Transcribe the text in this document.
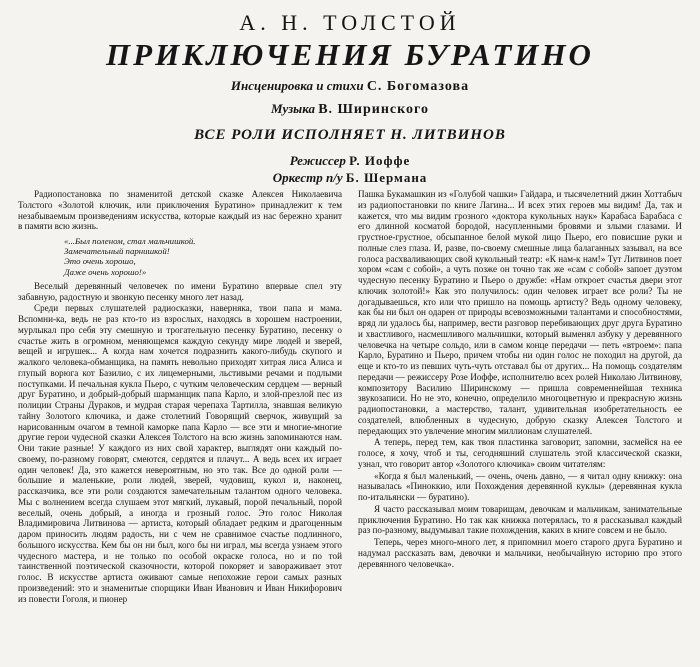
А. Н. ТОЛСТОЙ
ПРИКЛЮЧЕНИЯ БУРАТИНО
Инсценировка и стихи С. Богомазова
Музыка В. Ширинского
ВСЕ РОЛИ ИСПОЛНЯЕТ Н. ЛИТВИНОВ
Режиссер Р. Иоффе
Оркестр п/у Б. Шермана

Радиопостановка по знаменитой детской сказке Алексея Николаевича Толстого «Золотой ключик, или приключения Буратино» принадлежит к тем незабываемым произведениям искусства, которые каждый из нас бережно хранит в памяти всю жизнь.

«...Был поленом, стал мальчишкой.
Замечательный парнишкой!
Это очень хорошо,
Даже очень хорошо!»

Веселый деревянный человечек по имени Буратино впервые спел эту забавную, радостную и звонкую песенку много лет назад.

Среди первых слушателей радиосказки, наверняка, твои папа и мама. Вспомни-ка, ведь не раз кто-то из взрослых, находясь в хорошем настроении, мурлыкал про себя эту смешную и трогательную песенку Буратино, песенку о счастье жить в огромном, меняющемся каждую секунду мире людей и зверей, вещей и игрушек... А когда нам хочется подразнить какого-либудь скупого и жалкого человека-обманщика, на память невольно приходят хитрая лиса Алиса и глупый ворюга кот Базилио, с их лицемерными, льстивыми речами и подлыми поступками. И печальная кукла Пьеро, с чутким человеческим сердцем — верный друг Буратино, и добрый-добрый шарманщик папа Карло, и злой-презлой пес из полиции Страны Дураков, и мудрая старая черепаха Тартилла, знавшая великую тайну Золотого ключика, и даже столетний Говорящий сверчок, живущий за нарисованным очагом в темной каморке папа Карло — все эти и многие-многие другие герои чудесной сказки Алексея Толстого на всю жизнь запоминаются нам. Они такие разные! У каждого из них свой характер, выглядят они каждый по-своему, по-разному говорят, смеются, сердятся и плачут... А ведь всех их играет один человек! Да, это кажется невероятным, но это так. Все до одной роли — большие и маленькие, роли людей, зверей, чудовищ, кукол и, наконец, рассказчика, все эти роли создаются замечательным талантом одного человека. Мы с волнением всегда слушаем этот мягкий, лукавый, порой печальный, порой веселый, очень добрый, а иногда и грозный голос. Это голос Николая Владимировича Литвинова — артиста, который обладает редким и драгоценным даром приносить людям радость, ни с чем не сравнимое счастье подлинного, большого искусства. Кем бы он ни был, кого бы ни играл, мы всегда узнаем этого чудесного мастера, и не только по особой окраске голоса, но и по той таинственной поэтической сказочности, которой покоряет и завораживает этот голос. В искусстве артиста оживают самые непохожие герои самых разных произведений: это и знаменитые спорщики Иван Иванович и Иван Никифорович из повести Гоголя, и пионер

Пашка Букамашкин из «Голубой чашки» Гайдара, и тысячелетний джин Хоттабыч из радиопостановки по книге Лагина... И всех этих героев мы видим! Да, так и кажется, что мы видим грозного «доктора кукольных наук» Карабаса Барабаса с его длинной косматой бородой, насупленными бровями и злыми глазами. И грустное-грустное, обсыпанное белой мукой лицо Пьеро, его повисшие руки и полные слез глаза. И, разве, по-своему смешные лица балаганных зазывал, на все голоса расхваливающих свой кукольный театр: «К нам-к нам!» Тут Литвинов поет хором «сам с собой», а чуть позже он точно так же «сам с собой» запоет дуэтом чудесную песенку Буратино и Пьеро о дружбе: «Нам откроет счастья двери этот ключик золотой!» Как это получилось: один человек играет все роли? Ты не догадываешься, кто или что пришло на помощь артисту? Ведь одному человеку, как бы ни был он одарен от природы всевозможными талантами и способностями, вряд ли удалось бы, например, вести разговор перебивающих друг друга Буратино и хвастливого, насмешливого мальчишки, который выменял азбуку у деревянного человечка на четыре сольдо, или в самом конце передачи — петь «втроем»: папа Карло, Буратино и Пьеро, причем чтобы ни один голос не походил на другой, да еще и кто-то из певших чуть-чуть отставал бы от других... На помощь создателям передачи — режиссеру Розе Иоффе, исполнителю всех ролей Николаю Литвинову, композитору Василию Ширинскому — пришла современнейшая техника звукозаписи. Но не это, конечно, определило многоцветную и прекрасную жизнь радиопостановки, а мастерство, талант, удивительная изобретательность ее создателей, влюбленных в чудесную, добрую сказку Алексея Толстого и передающих это увлечение многим миллионам слушателей.

А теперь, перед тем, как твоя пластинка заговорит, запомни, засмейся на ее голосе, я хочу, чтоб и ты, сегодняшний слушатель этой классической сказки, узнал, что говорит автор «Золотого ключика» своим читателям:

«Когда я был маленький, — очень, очень давно, — я читал одну книжку: она называлась «Пиноккио, или Похождения деревянной куклы» (деревянная кукла по-итальянски — буратино).

Я часто рассказывал моим товарищам, девочкам и мальчикам, занимательные приключения Буратино. Но так как книжка потерялась, то я рассказывал каждый раз по-разному, выдумывал такие похождения, каких в книге совсем и не было.

Теперь, через много-много лет, я припомнил моего старого друга Буратино и надумал рассказать вам, девочки и мальчики, необычайную историю про этого деревянного человечка».
